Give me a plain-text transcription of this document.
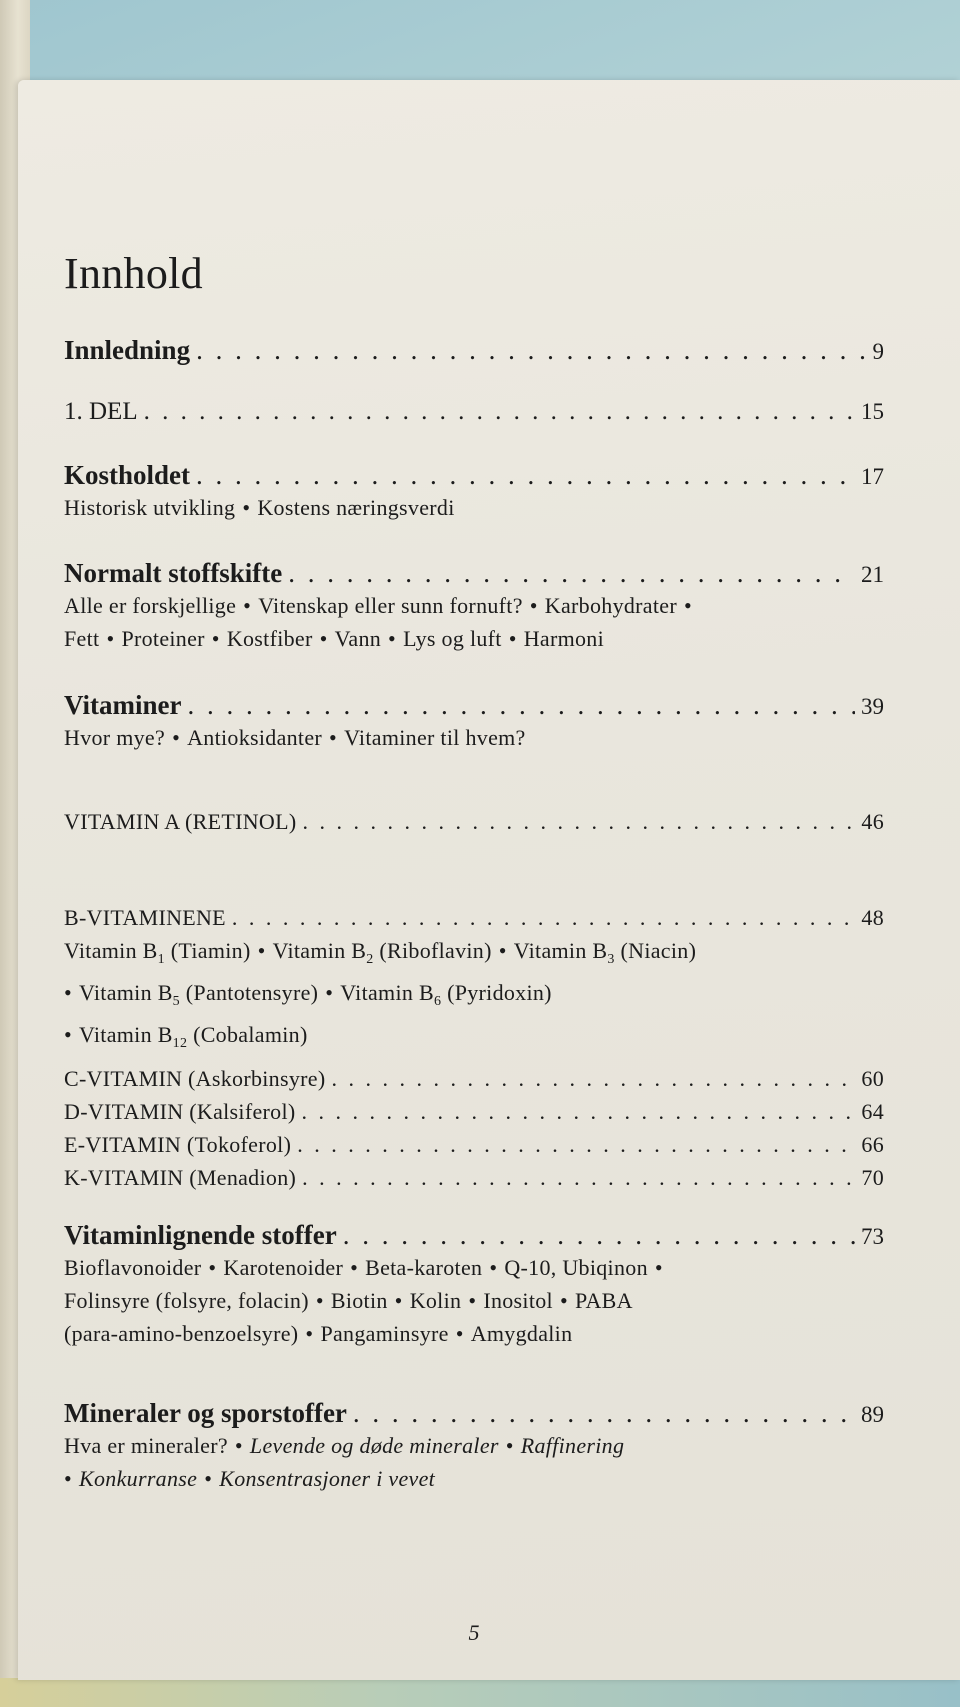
Innhold
Innledning . . .	9
1. DEL . . .	15
Kostholdet . . .	17
Historisk utvikling • Kostens næringsverdi
Normalt stoffskifte . . .	21
Alle er forskjellige • Vitenskap eller sunn fornuft? • Karbohydrater •
Fett • Proteiner • Kostfiber • Vann • Lys og luft • Harmoni
Vitaminer . . .	39
Hvor mye? • Antioksidanter • Vitaminer til hvem?
VITAMIN A (RETINOL) . . .	46
B-VITAMINENE . . .	48
Vitamin $B_1$ (Tiamin) • Vitamin $B_2$ (Riboflavin) • Vitamin $B_3$ (Niacin)
• Vitamin $B_5$ (Pantotensyre) • Vitamin $B_6$ (Pyridoxin)
• Vitamin $B_{12}$ (Cobalamin)
C-VITAMIN (Askorbinsyre) . . .	60
D-VITAMIN (Kalsiferol) . . .	64
E-VITAMIN (Tokoferol) . . .	66
K-VITAMIN (Menadion) . . .	70
Vitaminlignende stoffer . . .	73
Bioflavonoider • Karotenoider • Beta-karoten • Q-10, Ubiqinon •
Folinsyre (folsyre, folacin) • Biotin • Kolin • Inositol • PABA
(para-amino-benzoelsyre) • Pangaminsyre • Amygdalin
Mineraler og sporstoffer . . .	89
Hva er mineraler? • Levende og døde mineraler • Raffinering
• Konkurranse • Konsentrasjoner i vevet
5
